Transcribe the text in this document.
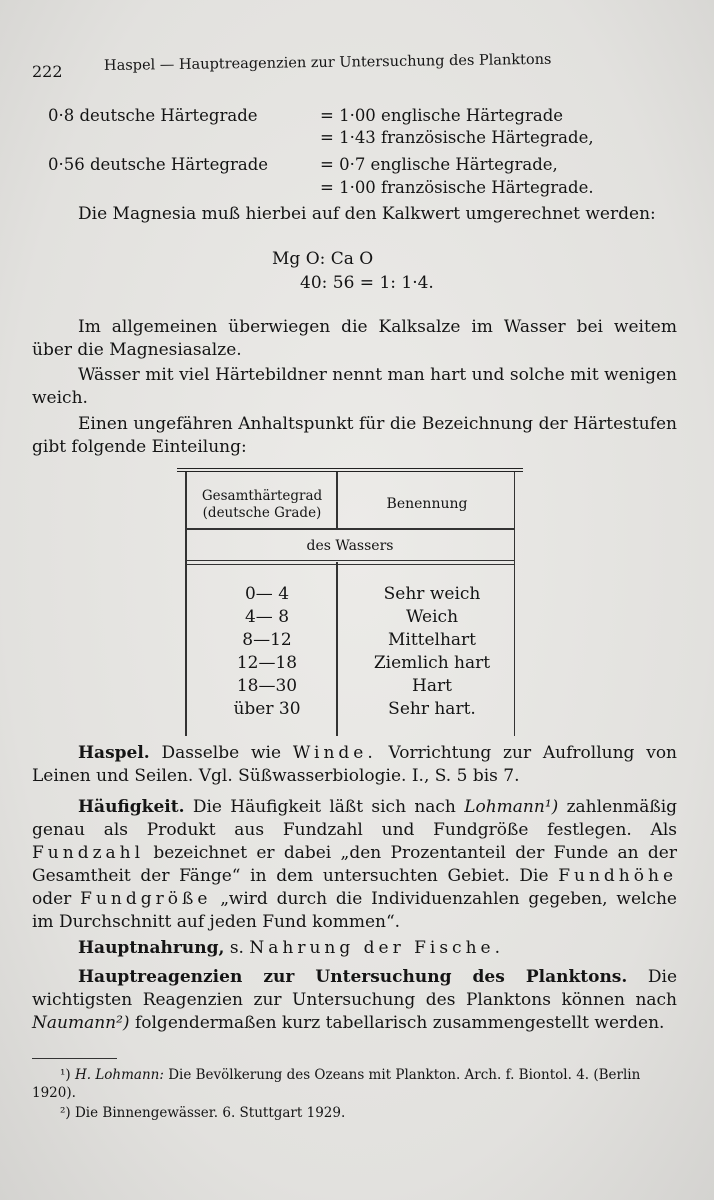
222	Haspel — Hauptreagenzien zur Untersuchung des Planktons
0·8 deutsche Härtegrade	= 1·00 englische Härtegrade
= 1·43 französische Härtegrade,
0·56 deutsche Härtegrade	= 0·7 englische Härtegrade,
= 1·00 französische Härtegrade.
Die Magnesia muß hierbei auf den Kalkwert umgerechnet werden:
Mg O: Ca O
40: 56 = 1: 1·4.
Im allgemeinen überwiegen die Kalksalze im Wasser bei weitem über die Magnesiasalze.
Wässer mit viel Härtebildner nennt man hart und solche mit wenigen weich.
Einen ungefähren Anhaltspunkt für die Bezeichnung der Härtestufen gibt folgende Einteilung:
Gesamthärtegrad (deutsche Grade)
Benennung
des Wassers
0— 4	Sehr weich
4— 8	Weich
8—12	Mittelhart
12—18	Ziemlich hart
18—30	Hart
über 30	Sehr hart.
Haspel. Dasselbe wie Winde. Vorrichtung zur Aufrollung von Leinen und Seilen. Vgl. Süßwasserbiologie. I., S. 5 bis 7.
Häufigkeit. Die Häufigkeit läßt sich nach Lohmann¹) zahlenmäßig genau als Produkt aus Fundzahl und Fundgröße festlegen. Als Fundzahl bezeichnet er dabei „den Prozentanteil der Funde an der Gesamtheit der Fänge“ in dem untersuchten Gebiet. Die Fundhöhe oder Fundgröße „wird durch die Individuenzahlen gegeben, welche im Durchschnitt auf jeden Fund kommen“.
Hauptnahrung, s. Nahrung der Fische.
Hauptreagenzien zur Untersuchung des Planktons. Die wichtigsten Reagenzien zur Untersuchung des Planktons können nach Naumann²) folgendermaßen kurz tabellarisch zusammengestellt werden.
¹) H. Lohmann: Die Bevölkerung des Ozeans mit Plankton. Arch. f. Biontol. 4. (Berlin 1920).
²) Die Binnengewässer. 6. Stuttgart 1929.
